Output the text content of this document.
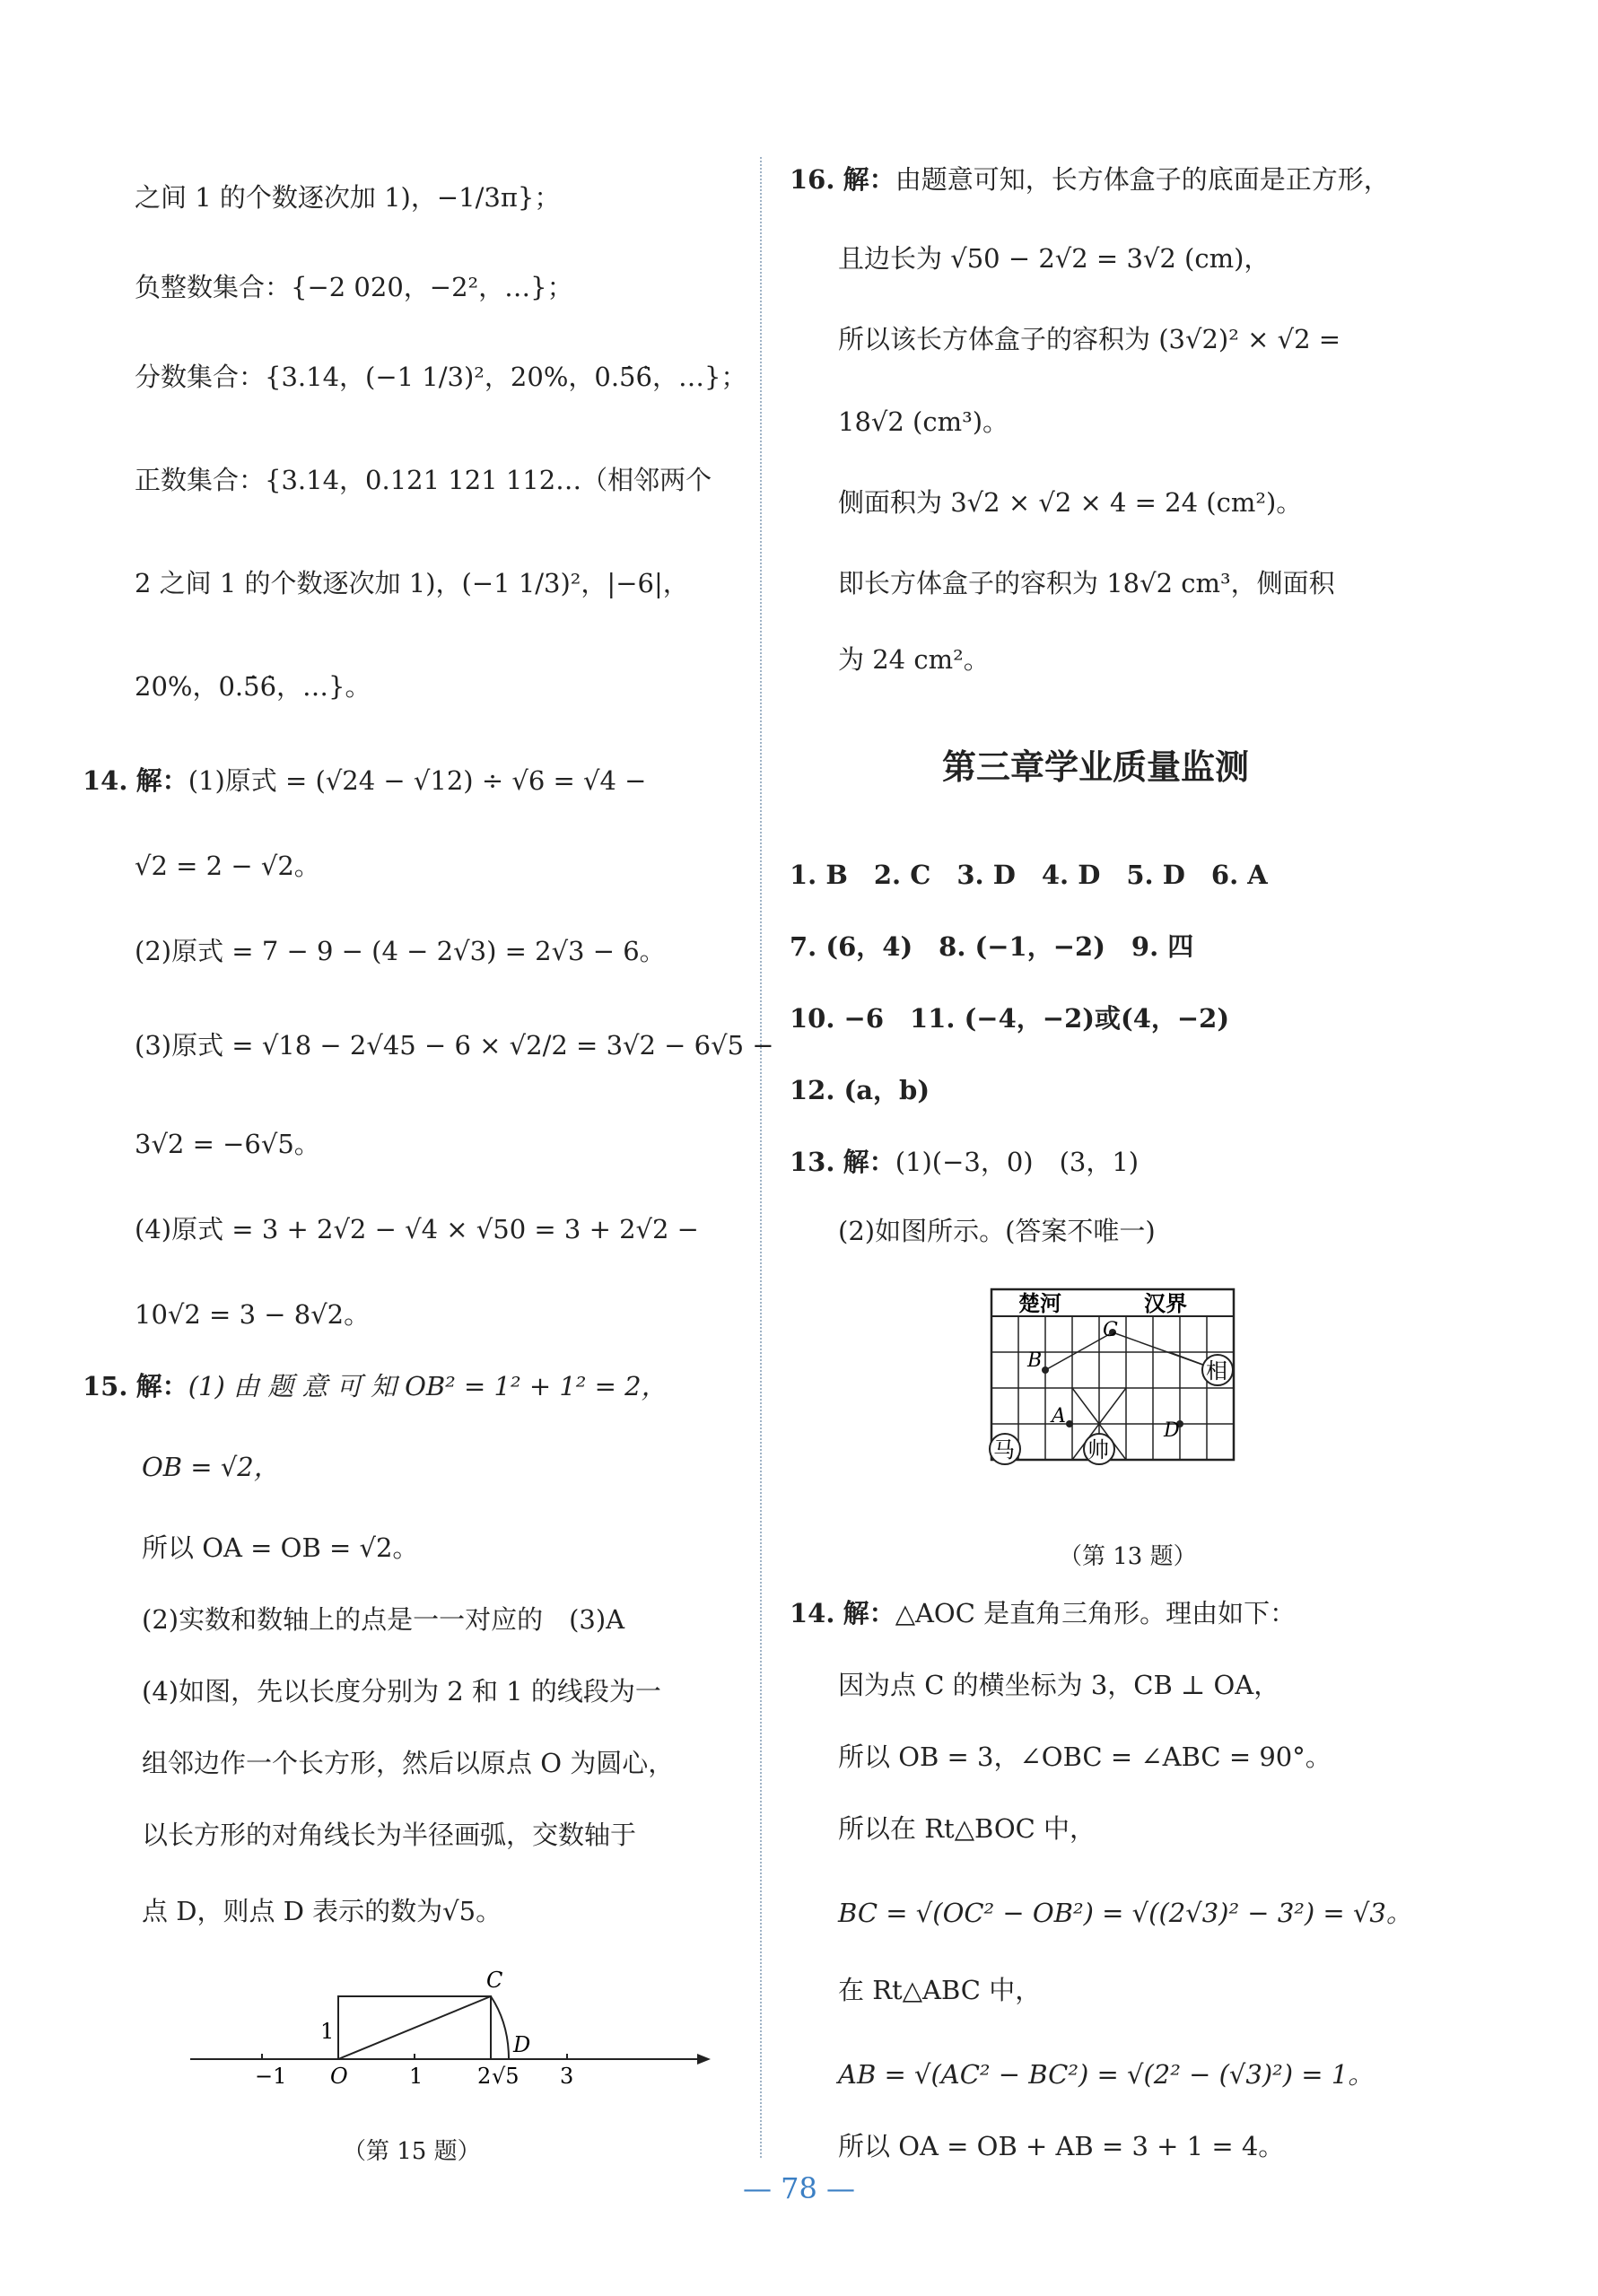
之间 1 的个数逐次加 1)，−1/3π}；
负整数集合：{−2 020，−2²，…}；
分数集合：{3.14，(−1 1/3)²，20%，0.5̇6̇，…}；
正数集合：{3.14，0.121 121 112…（相邻两个
2 之间 1 的个数逐次加 1)，(−1 1/3)²，|−6|，
20%，0.5̇6̇，…}。
14. 解：(1)原式 = (√24 − √12) ÷ √6 = √4 −
√2 = 2 − √2。
(2)原式 = 7 − 9 − (4 − 2√3) = 2√3 − 6。
(3)原式 = √18 − 2√45 − 6 × √2/2 = 3√2 − 6√5 −
3√2 = −6√5。
(4)原式 = 3 + 2√2 − √4 × √50 = 3 + 2√2 −
10√2 = 3 − 8√2。
15. 解：(1) 由 题 意 可 知 OB² = 1² + 1² = 2，
OB = √2，
所以 OA = OB = √2。
(2)实数和数轴上的点是一一对应的　(3)A
(4)如图，先以长度分别为 2 和 1 的线段为一
组邻边作一个长方形，然后以原点 O 为圆心，
以长方形的对角线长为半径画弧，交数轴于
点 D，则点 D 表示的数为√5。
−1 O	1	2 √5 3
1
C
D
（第 15 题）
16. 解：由题意可知，长方体盒子的底面是正方形，
且边长为 √50 − 2√2 = 3√2 (cm)，
所以该长方体盒子的容积为 (3√2)² × √2 =
18√2 (cm³)。
侧面积为 3√2 × √2 × 4 = 24 (cm²)。
即长方体盒子的容积为 18√2 cm³，侧面积
为 24 cm²。
第三章学业质量监测
1. B　2. C　3. D　4. D　5. D　6. A
7. (6，4)　8. (−1，−2)　9. 四
10. −6　11. (−4，−2)或(4，−2)
12. (a，b)
13. 解：(1)(−3，0)　(3，1)
(2)如图所示。(答案不唯一)
相
马	帅
楚河	汉界
C
B
A
D
（第 13 题）
14. 解：△AOC 是直角三角形。理由如下：
因为点 C 的横坐标为 3，CB ⊥ OA，
所以 OB = 3，∠OBC = ∠ABC = 90°。
所以在 Rt△BOC 中，
BC = √(OC² − OB²) = √((2√3)² − 3²) = √3。
在 Rt△ABC 中，
AB = √(AC² − BC²) = √(2² − (√3)²) = 1。
所以 OA = OB + AB = 3 + 1 = 4。
— 78 —
